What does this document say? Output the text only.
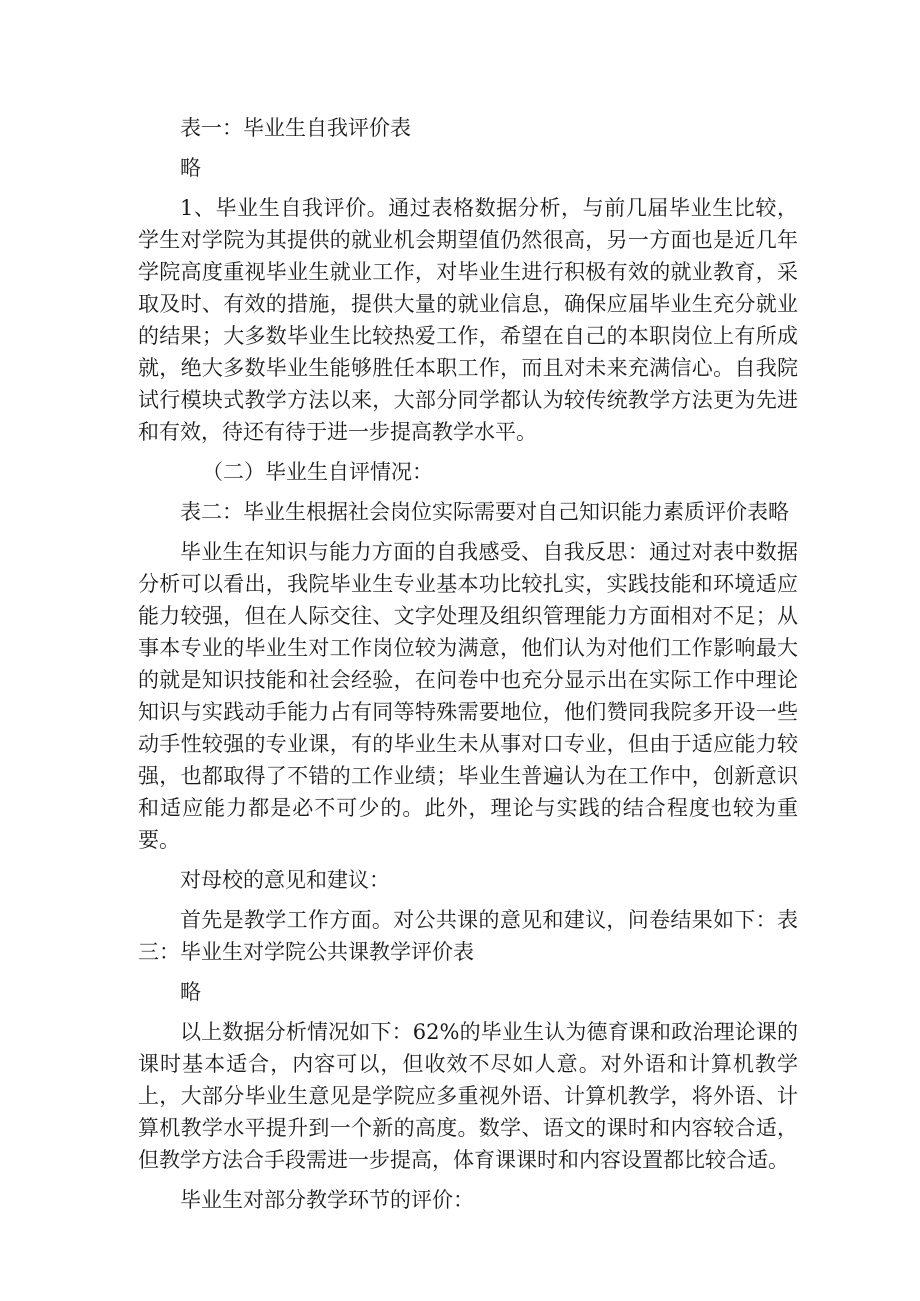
表一：毕业生自我评价表

略

1、毕业生自我评价。通过表格数据分析，与前几届毕业生比较，学生对学院为其提供的就业机会期望值仍然很高，另一方面也是近几年学院高度重视毕业生就业工作，对毕业生进行积极有效的就业教育，采取及时、有效的措施，提供大量的就业信息，确保应届毕业生充分就业的结果；大多数毕业生比较热爱工作，希望在自己的本职岗位上有所成就，绝大多数毕业生能够胜任本职工作，而且对未来充满信心。自我院试行模块式教学方法以来，大部分同学都认为较传统教学方法更为先进和有效，待还有待于进一步提高教学水平。

（二）毕业生自评情况：

表二：毕业生根据社会岗位实际需要对自己知识能力素质评价表略

毕业生在知识与能力方面的自我感受、自我反思：通过对表中数据分析可以看出，我院毕业生专业基本功比较扎实，实践技能和环境适应能力较强，但在人际交往、文字处理及组织管理能力方面相对不足；从事本专业的毕业生对工作岗位较为满意，他们认为对他们工作影响最大的就是知识技能和社会经验，在问卷中也充分显示出在实际工作中理论知识与实践动手能力占有同等特殊需要地位，他们赞同我院多开设一些动手性较强的专业课，有的毕业生未从事对口专业，但由于适应能力较强，也都取得了不错的工作业绩；毕业生普遍认为在工作中，创新意识和适应能力都是必不可少的。此外，理论与实践的结合程度也较为重要。

对母校的意见和建议：

首先是教学工作方面。对公共课的意见和建议，问卷结果如下：表三：毕业生对学院公共课教学评价表

略

以上数据分析情况如下：62%的毕业生认为德育课和政治理论课的课时基本适合，内容可以，但收效不尽如人意。对外语和计算机教学上，大部分毕业生意见是学院应多重视外语、计算机教学，将外语、计算机教学水平提升到一个新的高度。数学、语文的课时和内容较合适，但教学方法合手段需进一步提高，体育课课时和内容设置都比较合适。

毕业生对部分教学环节的评价：
